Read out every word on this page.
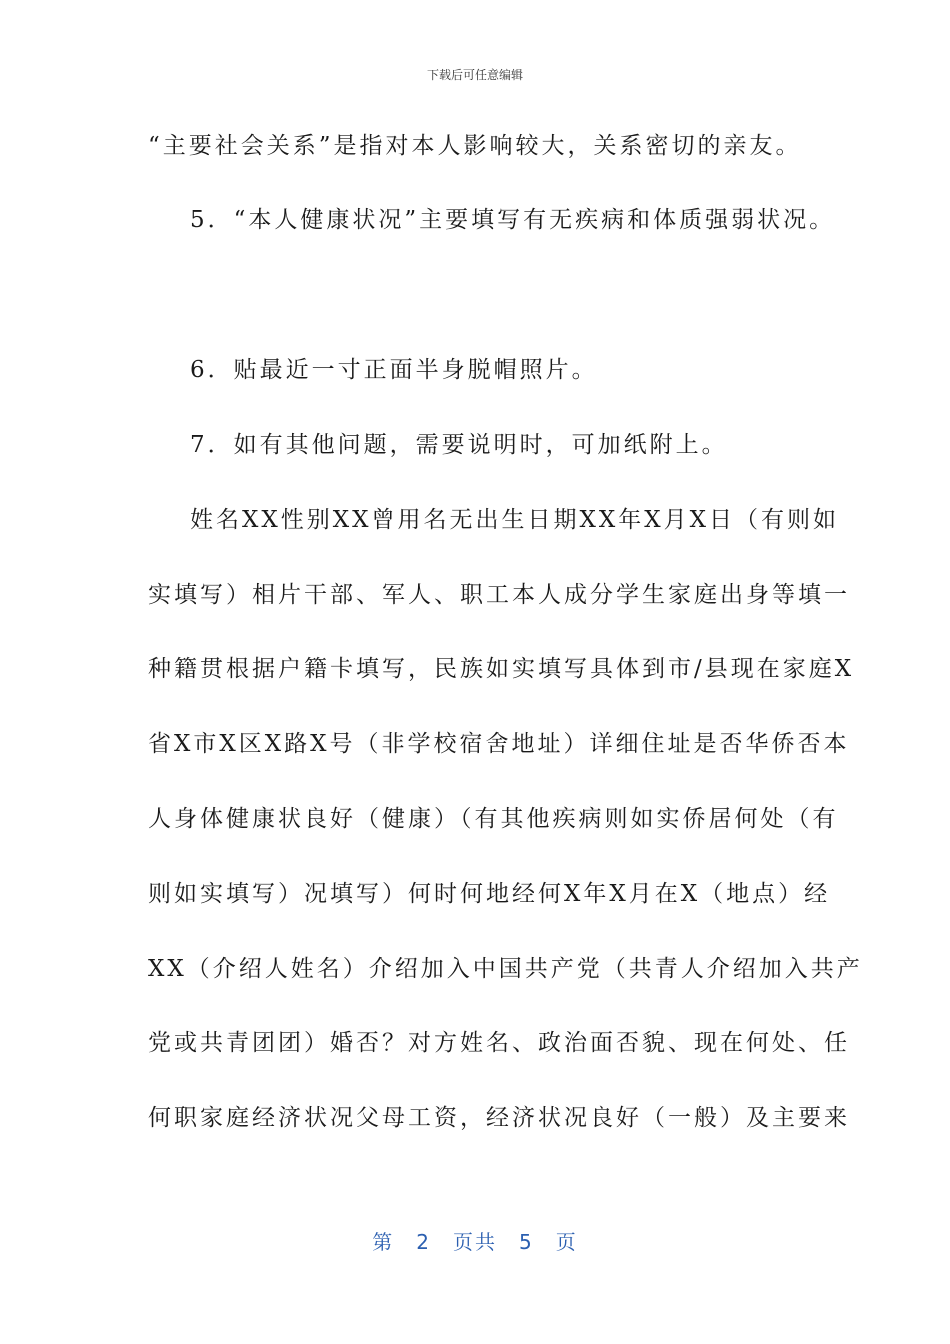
下载后可任意编辑
“主要社会关系”是指对本人影响较大，关系密切的亲友。
5．“本人健康状况”主要填写有无疾病和体质强弱状况。
6．贴最近一寸正面半身脱帽照片。
7．如有其他问题，需要说明时，可加纸附上。
姓名XX性别XX曾用名无出生日期XX年X月X日（有则如
实填写）相片干部、军人、职工本人成分学生家庭出身等填一
种籍贯根据户籍卡填写，民族如实填写具体到市/县现在家庭X
省X市X区X路X号（非学校宿舍地址）详细住址是否华侨否本
人身体健康状良好（健康）（有其他疾病则如实侨居何处（有
则如实填写）况填写）何时何地经何X年X月在X（地点）经
XX（介绍人姓名）介绍加入中国共产党（共青人介绍加入共产
党或共青团团）婚否？对方姓名、政治面否貌、现在何处、任
何职家庭经济状况父母工资，经济状况良好（一般）及主要来
第 2 页共 5 页
